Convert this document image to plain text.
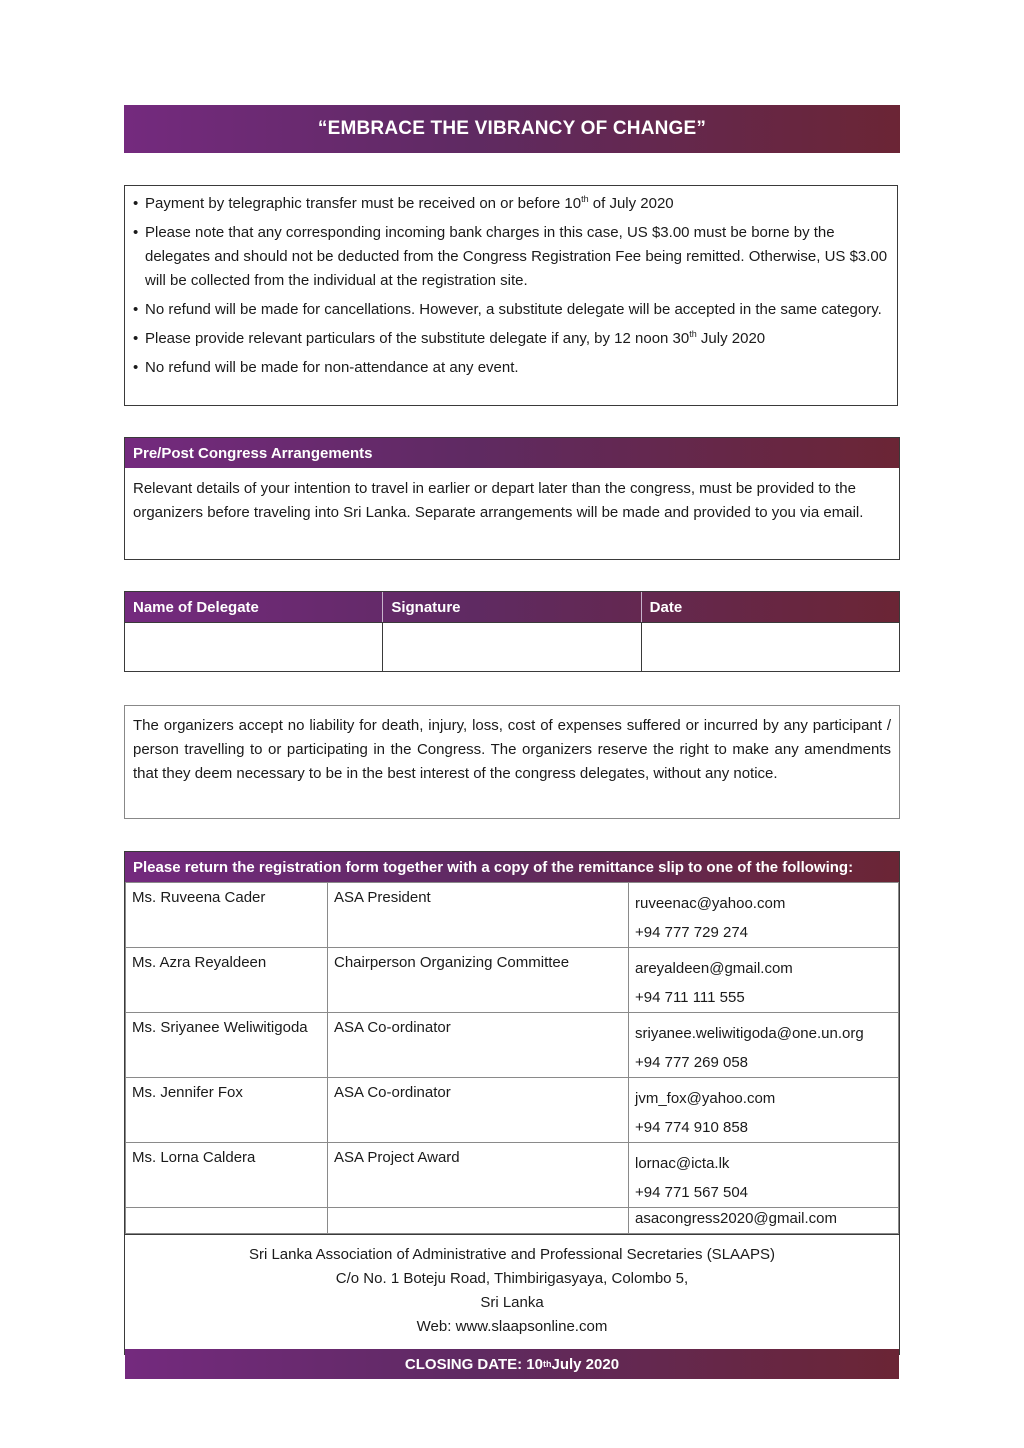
“EMBRACE THE VIBRANCY OF CHANGE”
• Payment by telegraphic transfer must be received on or before 10th of July 2020
• Please note that any corresponding incoming bank charges in this case, US $3.00 must be borne by the delegates and should not be deducted from the Congress Registration Fee being remitted. Otherwise, US $3.00 will be collected from the individual at the registration site.
• No refund will be made for cancellations. However, a substitute delegate will be accepted in the same category.
• Please provide relevant particulars of the substitute delegate if any, by 12 noon 30th July 2020
• No refund will be made for non-attendance at any event.
Pre/Post Congress Arrangements
Relevant details of your intention to travel in earlier or depart later than the congress, must be provided to the organizers before traveling into Sri Lanka. Separate arrangements will be made and provided to you via email.
Name of Delegate	Signature	Date
The organizers accept no liability for death, injury, loss, cost of expenses suffered or incurred by any participant / person travelling to or participating in the Congress. The organizers reserve the right to make any amendments that they deem necessary to be in the best interest of the congress delegates, without any notice.
Please return the registration form together with a copy of the remittance slip to one of the following:
Ms. Ruveena Cader	ASA President	ruveenac@yahoo.com
+94 777 729 274

Ms. Azra Reyaldeen	Chairperson Organizing Committee	areyaldeen@gmail.com
+94 711 111 555

Ms. Sriyanee Weliwitigoda	ASA Co-ordinator	sriyanee.weliwitigoda@one.un.org
+94 777 269 058

Ms. Jennifer Fox	ASA Co-ordinator	jvm_fox@yahoo.com
+94 774 910 858

Ms. Lorna Caldera	ASA Project Award	lornac@icta.lk
+94 771 567 504

		asacongress2020@gmail.com
Sri Lanka Association of Administrative and Professional Secretaries (SLAAPS)
C/o No. 1 Boteju Road, Thimbirigasyaya, Colombo 5,
Sri Lanka
Web: www.slaapsonline.com
CLOSING DATE: 10 th July 2020
